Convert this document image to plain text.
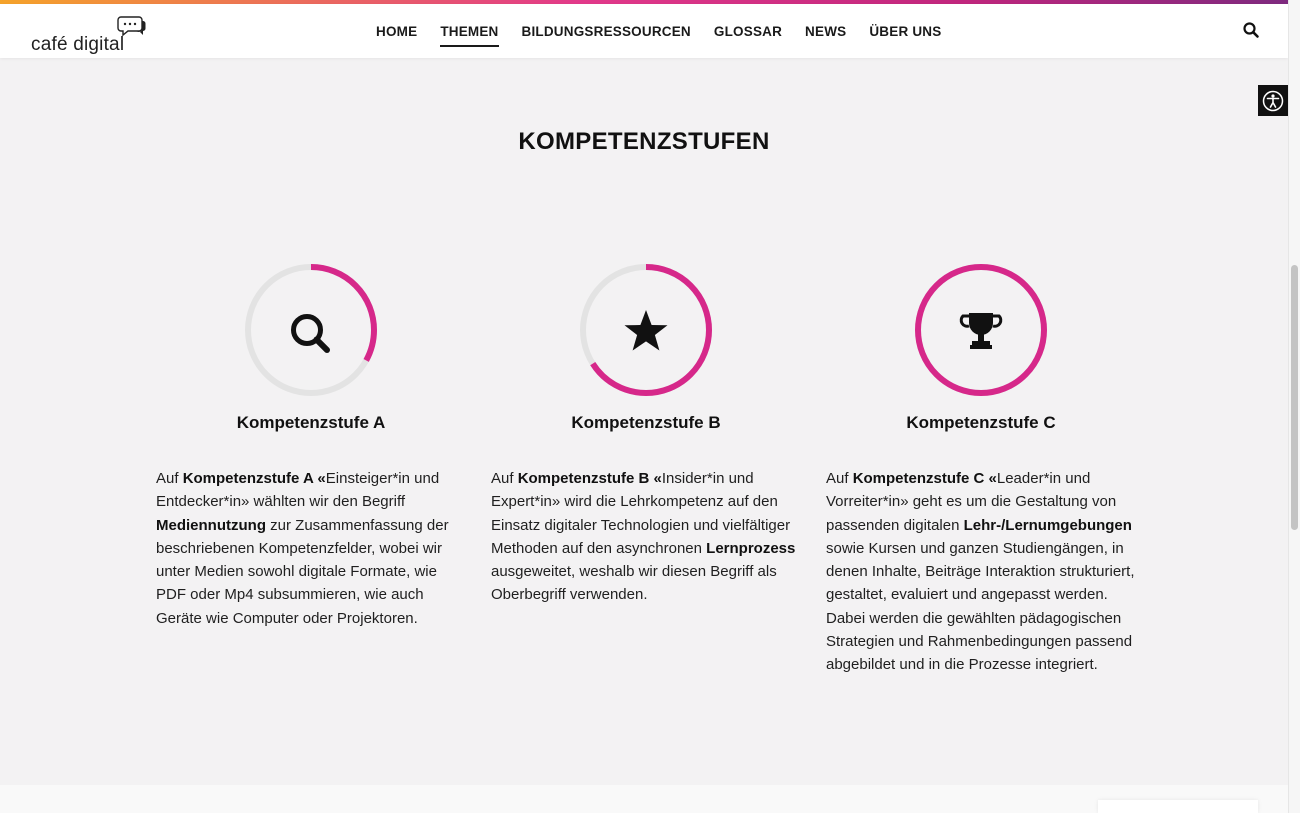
café digital
HOME THEMEN BILDUNGSRESSOURCEN GLOSSAR NEWS ÜBER UNS
KOMPETENZSTUFEN
Kompetenzstufe A

Auf Kompetenzstufe A «Einsteiger*in und Entdecker*in» wählten wir den Begriff Mediennutzung zur Zusammenfassung der beschriebenen Kompetenzfelder, wobei wir unter Medien sowohl digitale Formate, wie PDF oder Mp4 subsummieren, wie auch Geräte wie Computer oder Projektoren.

Kompetenzstufe B

Auf Kompetenzstufe B «Insider*in und Expert*in» wird die Lehrkompetenz auf den Einsatz digitaler Technologien und vielfältiger Methoden auf den asynchronen Lernprozess ausgeweitet, weshalb wir diesen Begriff als Oberbegriff verwenden.

Kompetenzstufe C

Auf Kompetenzstufe C «Leader*in und Vorreiter*in» geht es um die Gestaltung von passenden digitalen Lehr-/Lernumgebungen sowie Kursen und ganzen Studiengängen, in denen Inhalte, Beiträge Interaktion strukturiert, gestaltet, evaluiert und angepasst werden. Dabei werden die gewählten pädagogischen Strategien und Rahmenbedingungen passend abgebildet und in die Prozesse integriert.
